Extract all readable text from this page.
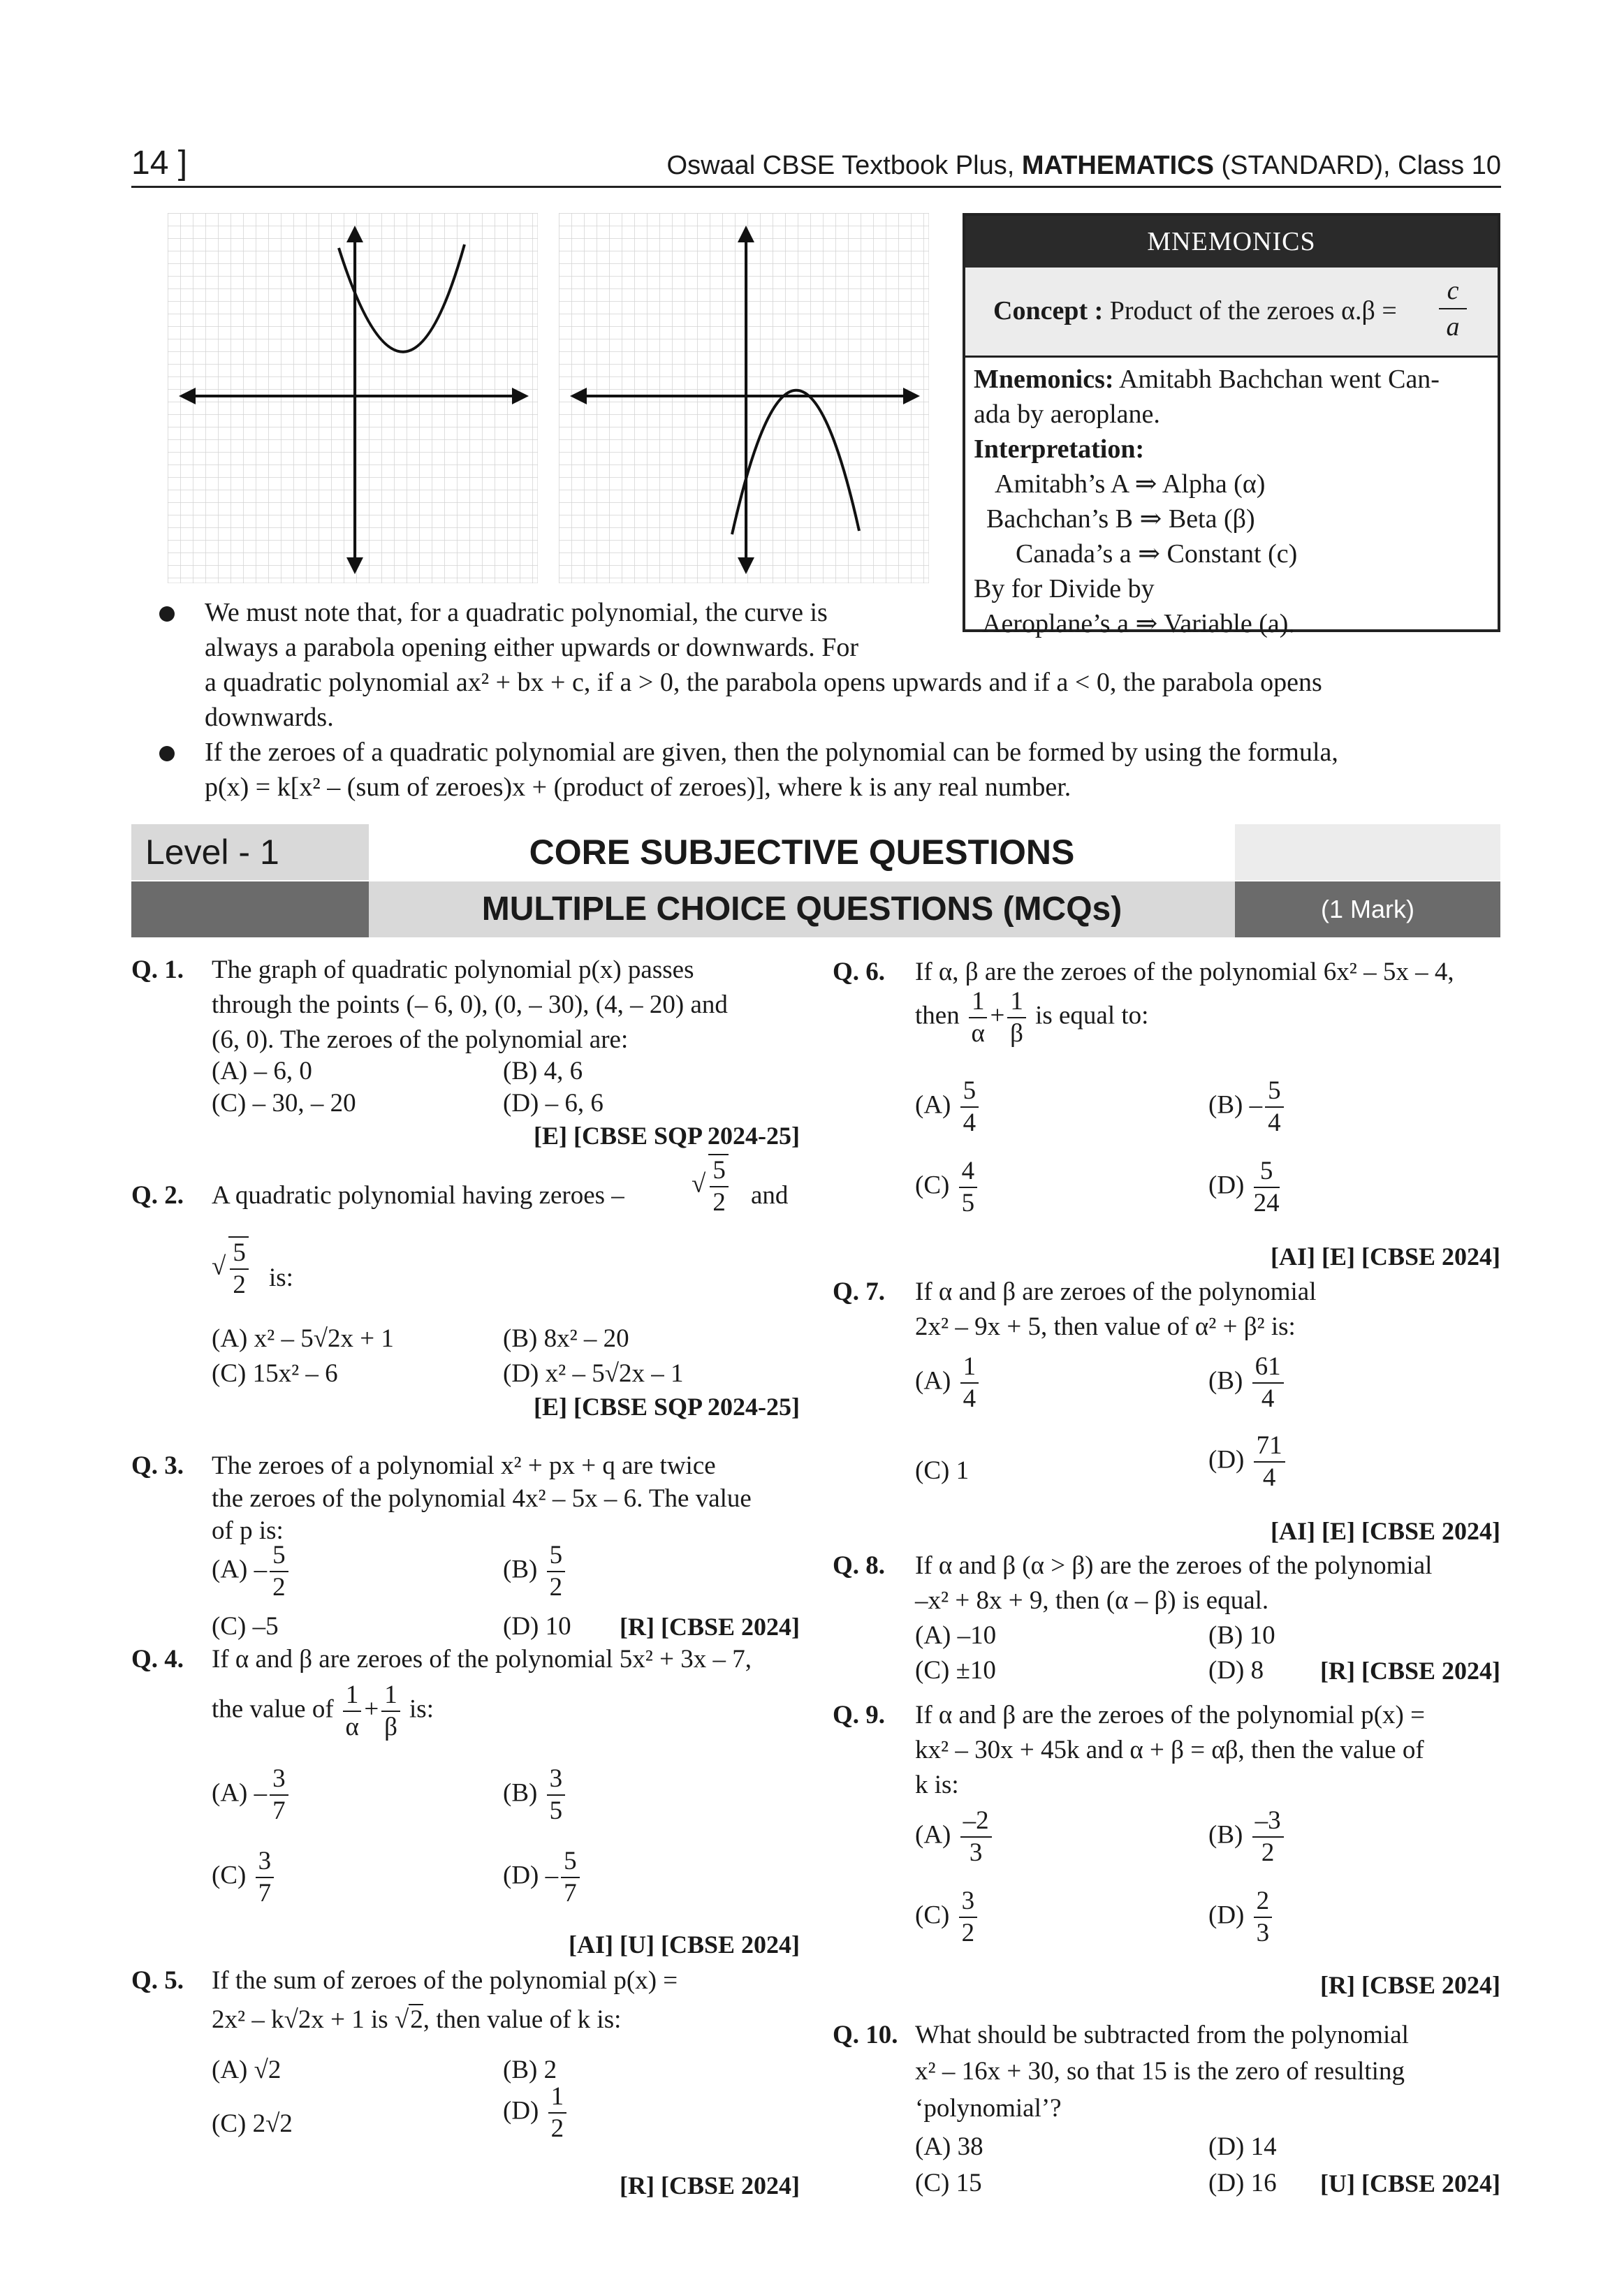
14 ]	Oswaal CBSE Textbook Plus, MATHEMATICS (STANDARD), Class 10
MNEMONICS
Concept : Product of the zeroes α.β =
c
a
Mnemonics: Amitabh Bachchan went Can-
ada by aeroplane.
Interpretation:
Amitabh’s A ⇒ Alpha (α)
Bachchan’s B ⇒ Beta (β)
Canada’s a ⇒ Constant (c)
By for Divide by
Aeroplane’s a ⇒ Variable (a).
We must note that, for a quadratic polynomial, the curve is
always a parabola opening either upwards or downwards. For
a quadratic polynomial ax² + bx + c, if a > 0, the parabola opens upwards and if a < 0, the parabola opens
downwards.
If the zeroes of a quadratic polynomial are given, then the polynomial can be formed by using the formula,
p(x) = k[x² – (sum of zeroes)x + (product of zeroes)], where k is any real number.
Level - 1	CORE SUBJECTIVE QUESTIONS
MULTIPLE CHOICE QUESTIONS (MCQs)	(1 Mark)
Q. 1. The graph of quadratic polynomial p(x) passes
through the points (– 6, 0), (0, – 30), (4, – 20) and
(6, 0). The zeroes of the polynomial are:
(A) – 6, 0	(B) 4, 6
(C) – 30, – 20	(D) – 6, 6
[E] [CBSE SQP 2024-25]
Q. 2. A quadratic polynomial having zeroes –	√ $\frac{5}{2}$ and
√ $\frac{5}{2}$ is:
(A) x² – 5√2x + 1	(B) 8x² – 20
(C) 15x² – 6	(D) x² – 5√2x – 1
[E] [CBSE SQP 2024-25]
Q. 3. The zeroes of a polynomial x² + px + q are twice
the zeroes of the polynomial 4x² – 5x – 6. The value
of p is:
$(A) - \frac{5}{2}$	$(B) \frac{5}{2}$
(C) –5	(D) 10 [R] [CBSE 2024]
Q. 4. If α and β are zeroes of the polynomial 5x² + 3x – 7,
the value of $\frac{1}{\alpha} + \frac{1}{\beta}$ is:
$(A) - \frac{3}{7}$	$(B) \frac{3}{5}$
$(C) \frac{3}{7}$	$(D) - \frac{5}{7}$
[AI] [U] [CBSE 2024]
Q. 5. If the sum of zeroes of the polynomial p(x) =
2x² – k√2x + 1 is √2, then value of k is:
(A) √2	(B) 2
(C) 2√2	$(D) \frac{1}{2}$
[R] [CBSE 2024]
Q. 6. If α, β are the zeroes of the polynomial 6x² – 5x – 4,
then $\frac{1}{\alpha} + \frac{1}{\beta}$ is equal to:
$(A) \frac{5}{4}$	$(B) - \frac{5}{4}$
$(C) \frac{4}{5}$	$(D) \frac{5}{24}$
[AI] [E] [CBSE 2024]
Q. 7. If α and β are zeroes of the polynomial
2x² – 9x + 5, then value of α² + β² is:
$(A) \frac{1}{4}$	$(B) \frac{61}{4}$
(C) 1	$(D) \frac{71}{4}$
[AI] [E] [CBSE 2024]
Q. 8. If α and β (α > β) are the zeroes of the polynomial
–x² + 8x + 9, then (α – β) is equal.
(A) –10	(B) 10
(C) ±10	(D) 8 [R] [CBSE 2024]
Q. 9. If α and β are the zeroes of the polynomial p(x) =
kx² – 30x + 45k and α + β = αβ, then the value of
k is:
$(A) \frac{-2}{3}$	$(B) \frac{-3}{2}$
$(C) \frac{3}{2}$	$(D) \frac{2}{3}$
[R] [CBSE 2024]
Q. 10. What should be subtracted from the polynomial
x² – 16x + 30, so that 15 is the zero of resulting
‘polynomial’?
(A) 38	(D) 14
(C) 15	(D) 16 [U] [CBSE 2024]
